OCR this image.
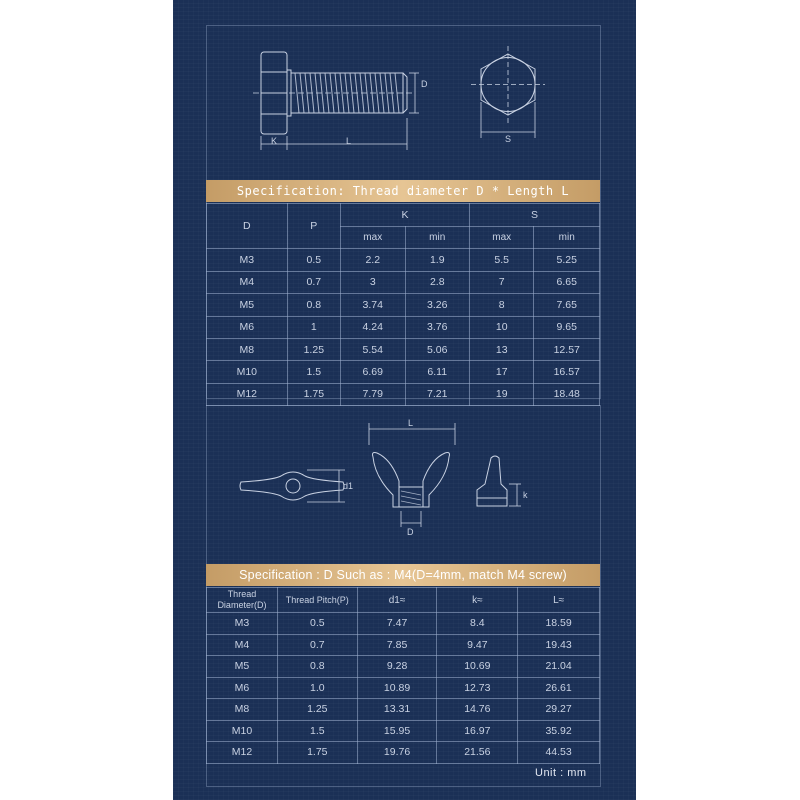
D
K	L	S
Specification: Thread diameter D * Length L
D	P	K		S	
		max	min	max	min
M3	0.5	2.2	1.9	5.5	5.25
M4	0.7	3	2.8	7	6.65
M5	0.8	3.74	3.26	8	7.65
M6	1	4.24	3.76	10	9.65
M8	1.25	5.54	5.06	13	12.57
M10	1.5	6.69	6.11	17	16.57
M12	1.75	7.79	7.21	19	18.48
d1
L
D
k
Specification : D Such as : M4(D=4mm, match M4 screw)
Thread
Diameter(D)	Thread Pitch(P)	d1≈	k≈	L≈
M3	0.5	7.47	8.4	18.59
M4	0.7	7.85	9.47	19.43
M5	0.8	9.28	10.69	21.04
M6	1.0	10.89	12.73	26.61
M8	1.25	13.31	14.76	29.27
M10	1.5	15.95	16.97	35.92
M12	1.75	19.76	21.56	44.53
Unit : mm
